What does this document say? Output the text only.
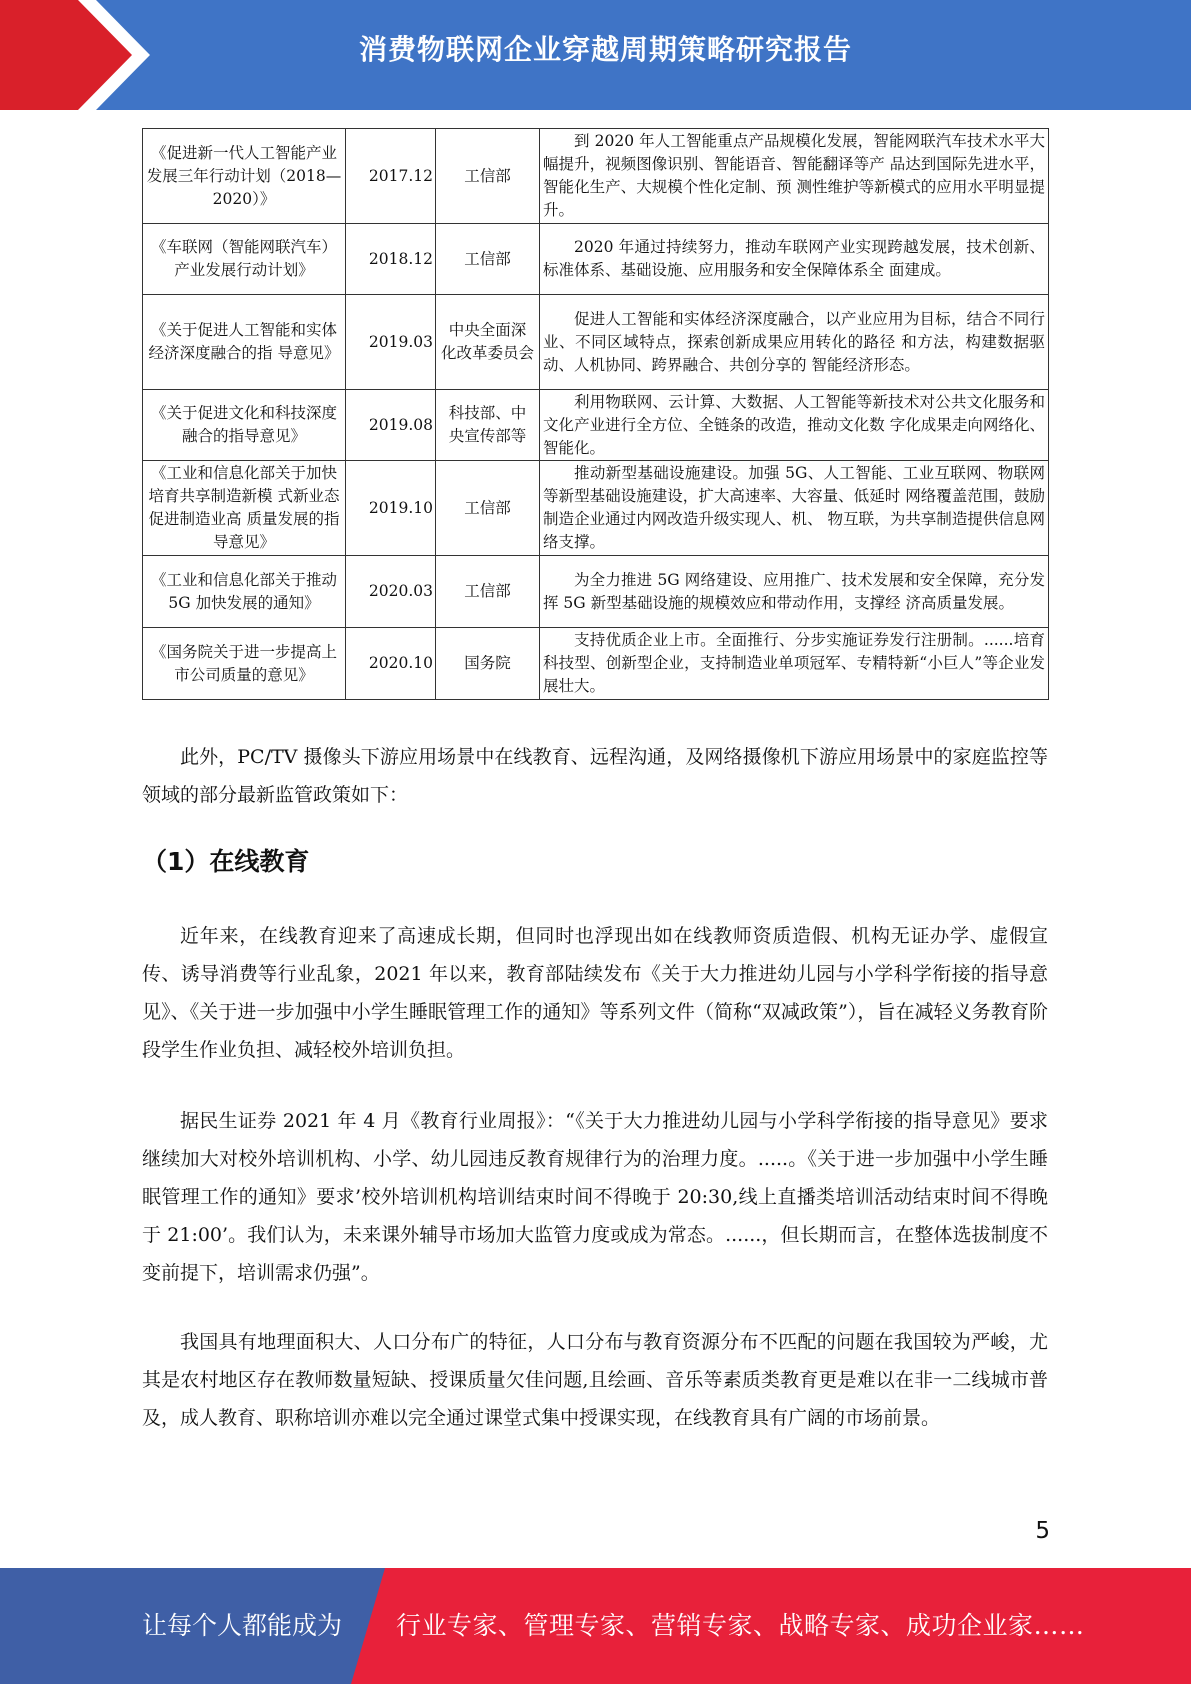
消费物联网企业穿越周期策略研究报告
《促进新一代人工智能产业发展三年行动计划（2018—2020）》	2017.12	工信部	到 2020 年人工智能重点产品规模化发展，智能网联汽车技术水平大幅提升，视频图像识别、智能语音、智能翻译等产 品达到国际先进水平，智能化生产、大规模个性化定制、预 测性维护等新模式的应用水平明显提升。
《车联网（智能网联汽车）产业发展行动计划》	2018.12	工信部	2020 年通过持续努力，推动车联网产业实现跨越发展，技术创新、标准体系、基础设施、应用服务和安全保障体系全 面建成。
《关于促进人工智能和实体经济深度融合的指 导意见》	2019.03	中央全面深 化改革委员会	促进人工智能和实体经济深度融合，以产业应用为目标，结合不同行业、不同区域特点，探索创新成果应用转化的路径 和方法，构建数据驱动、人机协同、跨界融合、共创分享的 智能经济形态。
《关于促进文化和科技深度融合的指导意见》	2019.08	科技部、中 央宣传部等	利用物联网、云计算、大数据、人工智能等新技术对公共文化服务和文化产业进行全方位、全链条的改造，推动文化数 字化成果走向网络化、智能化。
《工业和信息化部关于加快培育共享制造新模 式新业态促进制造业高 质量发展的指导意见》	2019.10	工信部	推动新型基础设施建设。加强 5G、人工智能、工业互联网、物联网等新型基础设施建设，扩大高速率、大容量、低延时 网络覆盖范围，鼓励制造企业通过内网改造升级实现人、机、 物互联，为共享制造提供信息网络支撑。
《工业和信息化部关于推动 5G 加快发展的通知》	2020.03	工信部	为全力推进 5G 网络建设、应用推广、技术发展和安全保障，充分发挥 5G 新型基础设施的规模效应和带动作用，支撑经 济高质量发展。
《国务院关于进一步提高上市公司质量的意见》	2020.10	国务院	支持优质企业上市。全面推行、分步实施证券发行注册制。......培育科技型、创新型企业，支持制造业单项冠军、专精特新“小巨人”等企业发展壮大。

此外，PC/TV 摄像头下游应用场景中在线教育、远程沟通，及网络摄像机下游应用场景中的家庭监控等领域的部分最新监管政策如下：

（1）在线教育

近年来，在线教育迎来了高速成长期，但同时也浮现出如在线教师资质造假、机构无证办学、虚假宣传、诱导消费等行业乱象，2021 年以来，教育部陆续发布《关于大力推进幼儿园与小学科学衔接的指导意见》、《关于进一步加强中小学生睡眠管理工作的通知》等系列文件（简称“双减政策”），旨在减轻义务教育阶段学生作业负担、减轻校外培训负担。

据民生证券 2021 年 4 月《教育行业周报》：“《关于大力推进幼儿园与小学科学衔接的指导意见》要求继续加大对校外培训机构、小学、幼儿园违反教育规律行为的治理力度。.....。《关于进一步加强中小学生睡眠管理工作的通知》要求’校外培训机构培训结束时间不得晚于 20:30,线上直播类培训活动结束时间不得晚于 21:00’。我们认为，未来课外辅导市场加大监管力度或成为常态。......，但长期而言，在整体选拔制度不变前提下，培训需求仍强”。

我国具有地理面积大、人口分布广的特征，人口分布与教育资源分布不匹配的问题在我国较为严峻，尤其是农村地区存在教师数量短缺、授课质量欠佳问题,且绘画、音乐等素质类教育更是难以在非一二线城市普及，成人教育、职称培训亦难以完全通过课堂式集中授课实现，在线教育具有广阔的市场前景。

5
让每个人都能成为 行业专家、管理专家、营销专家、战略专家、成功企业家……
